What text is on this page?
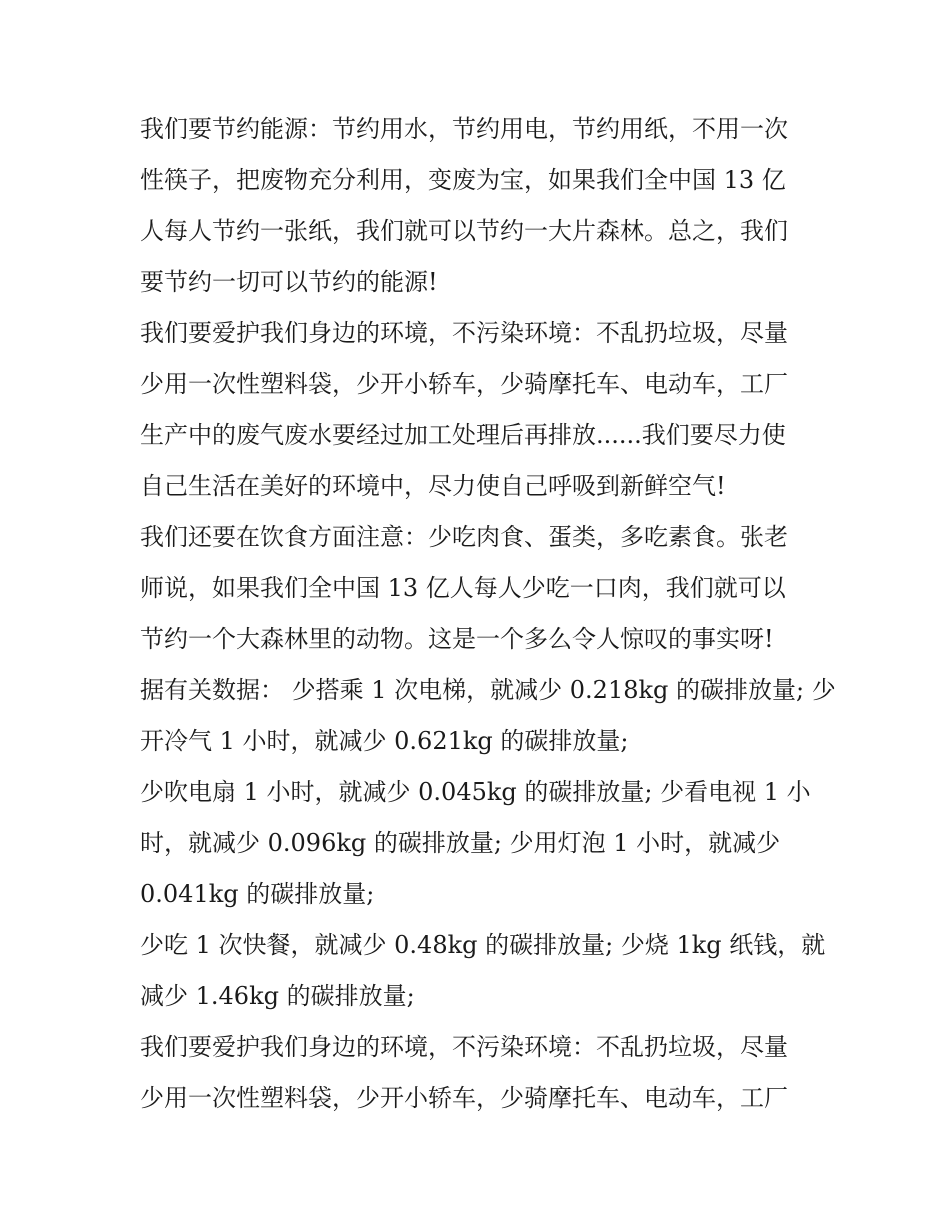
我们要节约能源：节约用水，节约用电，节约用纸，不用一次
性筷子，把废物充分利用，变废为宝，如果我们全中国 13 亿
人每人节约一张纸，我们就可以节约一大片森林。总之，我们
要节约一切可以节约的能源!
我们要爱护我们身边的环境，不污染环境：不乱扔垃圾，尽量
少用一次性塑料袋，少开小轿车，少骑摩托车、电动车，工厂
生产中的废气废水要经过加工处理后再排放......我们要尽力使
自己生活在美好的环境中，尽力使自己呼吸到新鲜空气!
我们还要在饮食方面注意：少吃肉食、蛋类，多吃素食。张老
师说，如果我们全中国 13 亿人每人少吃一口肉，我们就可以
节约一个大森林里的动物。这是一个多么令人惊叹的事实呀!
据有关数据： 少搭乘 1 次电梯，就减少 0.218kg 的碳排放量; 少
开冷气 1 小时，就减少 0.621kg 的碳排放量;
少吹电扇 1 小时，就减少 0.045kg 的碳排放量; 少看电视 1 小
时，就减少 0.096kg 的碳排放量; 少用灯泡 1 小时，就减少
0.041kg 的碳排放量;
少吃 1 次快餐，就减少 0.48kg 的碳排放量; 少烧 1kg 纸钱，就
减少 1.46kg 的碳排放量;
我们要爱护我们身边的环境，不污染环境：不乱扔垃圾，尽量
少用一次性塑料袋，少开小轿车，少骑摩托车、电动车，工厂
